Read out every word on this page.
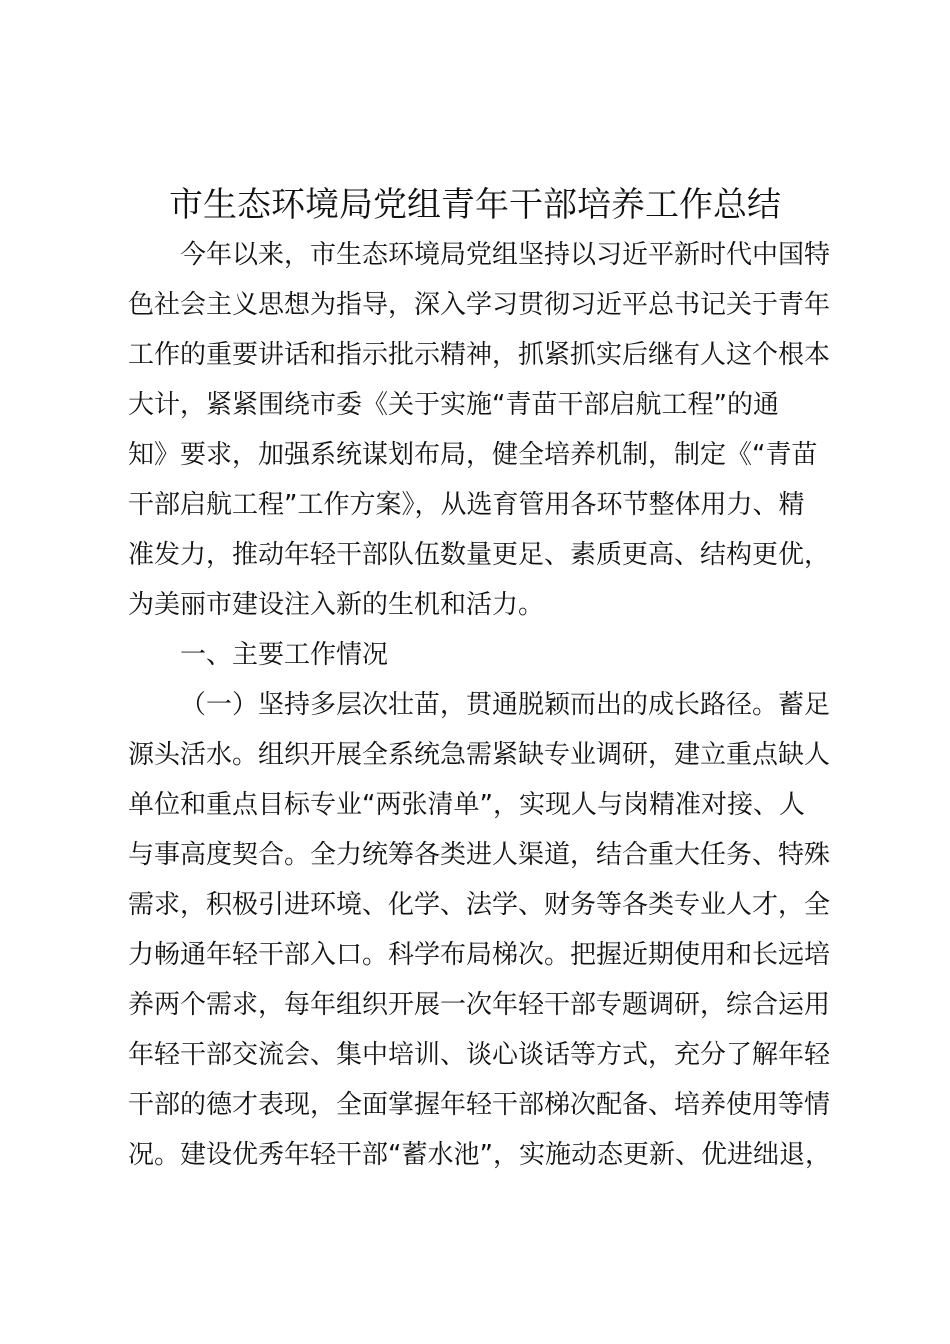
市生态环境局党组青年干部培养工作总结
今年以来，市生态环境局党组坚持以习近平新时代中国特
色社会主义思想为指导，深入学习贯彻习近平总书记关于青年
工作的重要讲话和指示批示精神，抓紧抓实后继有人这个根本
大计，紧紧围绕市委《关于实施“青苗干部启航工程”的通
知》要求，加强系统谋划布局，健全培养机制，制定《“青苗
干部启航工程”工作方案》，从选育管用各环节整体用力、精
准发力，推动年轻干部队伍数量更足、素质更高、结构更优，
为美丽市建设注入新的生机和活力。
一、主要工作情况
（一）坚持多层次壮苗，贯通脱颖而出的成长路径。蓄足
源头活水。组织开展全系统急需紧缺专业调研，建立重点缺人
单位和重点目标专业“两张清单”，实现人与岗精准对接、人
与事高度契合。全力统筹各类进人渠道，结合重大任务、特殊
需求，积极引进环境、化学、法学、财务等各类专业人才，全
力畅通年轻干部入口。科学布局梯次。把握近期使用和长远培
养两个需求，每年组织开展一次年轻干部专题调研，综合运用
年轻干部交流会、集中培训、谈心谈话等方式，充分了解年轻
干部的德才表现，全面掌握年轻干部梯次配备、培养使用等情
况。建设优秀年轻干部“蓄水池”，实施动态更新、优进绌退，
